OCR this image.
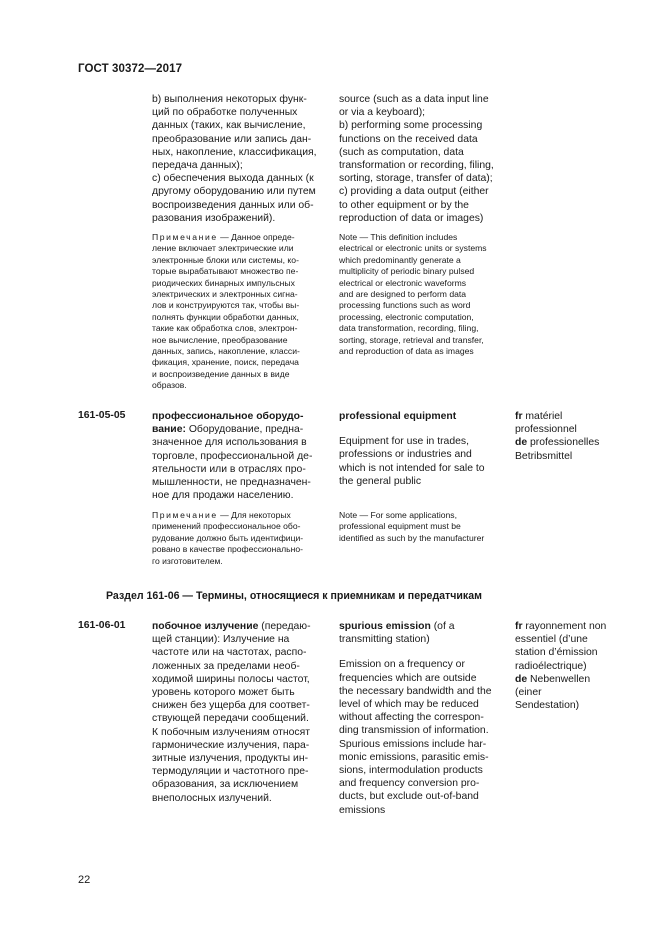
ГОСТ 30372—2017
b) выполнения некоторых функ-
ций по обработке полученных
данных (таких, как вычисление,
преобразование или запись дан-
ных, накопление, классификация,
передача данных);
c) обеспечения выхода данных (к
другому оборудованию или путем
воспроизведения данных или об-
разования изображений).
source (such as a data input line
or via a keyboard);
b) performing some processing
functions on the received data
(such as computation, data
transformation or recording, filing,
sorting, storage, transfer of data);
c) providing a data output (either
to other equipment or by the
reproduction of data or images)
Примечание — Данное опреде-
ление включает электрические или
электронные блоки или системы, ко-
торые вырабатывают множество пе-
риодических бинарных импульсных
электрических и электронных сигна-
лов и конструируются так, чтобы вы-
полнять функции обработки данных,
такие как обработка слов, электрон-
ное вычисление, преобразование
данных, запись, накопление, класси-
фикация, хранение, поиск, передача
и воспроизведение данных в виде
образов.
Note — This definition includes
electrical or electronic units or systems
which predominantly generate a
multiplicity of periodic binary pulsed
electrical or electronic waveforms
and are designed to perform data
processing functions such as word
processing, electronic computation,
data transformation, recording, filing,
sorting, storage, retrieval and transfer,
and reproduction of data as images
161-05-05	профессиональное оборудо-
вание: Оборудование, предна-
значенное для использования в
торговле, профессиональной де-
ятельности или в отраслях про-
мышленности, не предназначен-
ное для продажи населению.
Примечание — Для некоторых
применений профессиональное обо-
рудование должно быть идентифици-
ровано в качестве профессионально-
го изготовителем.
professional equipment
Equipment for use in trades,
professions or industries and
which is not intended for sale to
the general public
Note — For some applications,
professional equipment must be
identified as such by the manufacturer
fr matériel
professionnel
de professionelles
Betribsmittel
Раздел 161-06 — Термины, относящиеся к приемникам и передатчикам
161-06-01	побочное излучение (передаю-
щей станции): Излучение на
частоте или на частотах, распо-
ложенных за пределами необ-
ходимой ширины полосы частот,
уровень которого может быть
снижен без ущерба для соответ-
ствующей передачи сообщений.
К побочным излучениям относят
гармонические излучения, пара-
зитные излучения, продукты ин-
термодуляции и частотного пре-
образования, за исключением
внеполосных излучений.
spurious emission (of a
transmitting station)
Emission on a frequency or
frequencies which are outside
the necessary bandwidth and the
level of which may be reduced
without affecting the correspon-
ding transmission of information.
Spurious emissions include har-
monic emissions, parasitic emis-
sions, intermodulation products
and frequency conversion pro-
ducts, but exclude out-of-band
emissions
fr rayonnement non
essentiel (d’une
station d’émission
radioélectrique)
de Nebenwellen
(einer
Sendestation)
22
